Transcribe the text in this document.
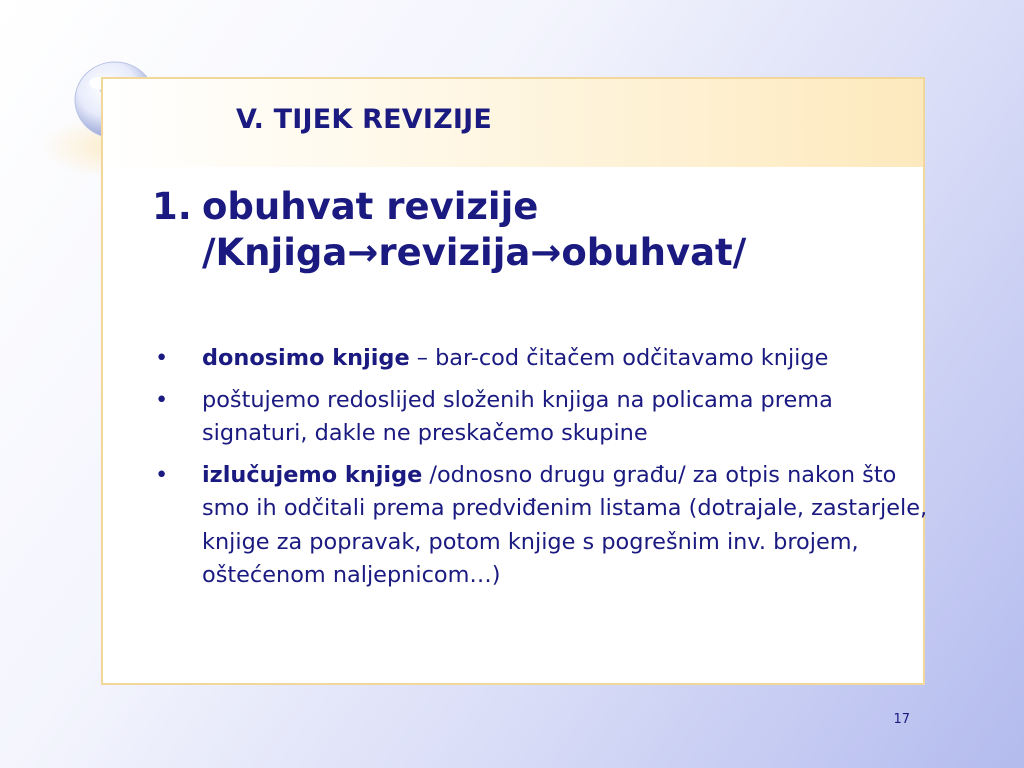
V. TIJEK REVIZIJE
1. obuhvat revizije
/Knjiga→revizija→obuhvat/
• donosimo knjige – bar-cod čitačem odčitavamo knjige
• poštujemo redoslijed složenih knjiga na policama prema signaturi, dakle ne preskačemo skupine
• izlučujemo knjige /odnosno drugu građu/ za otpis nakon što smo ih odčitali prema predviđenim listama (dotrajale, zastarjele, knjige za popravak, potom knjige s pogrešnim inv. brojem, oštećenom naljepnicom…)
17
